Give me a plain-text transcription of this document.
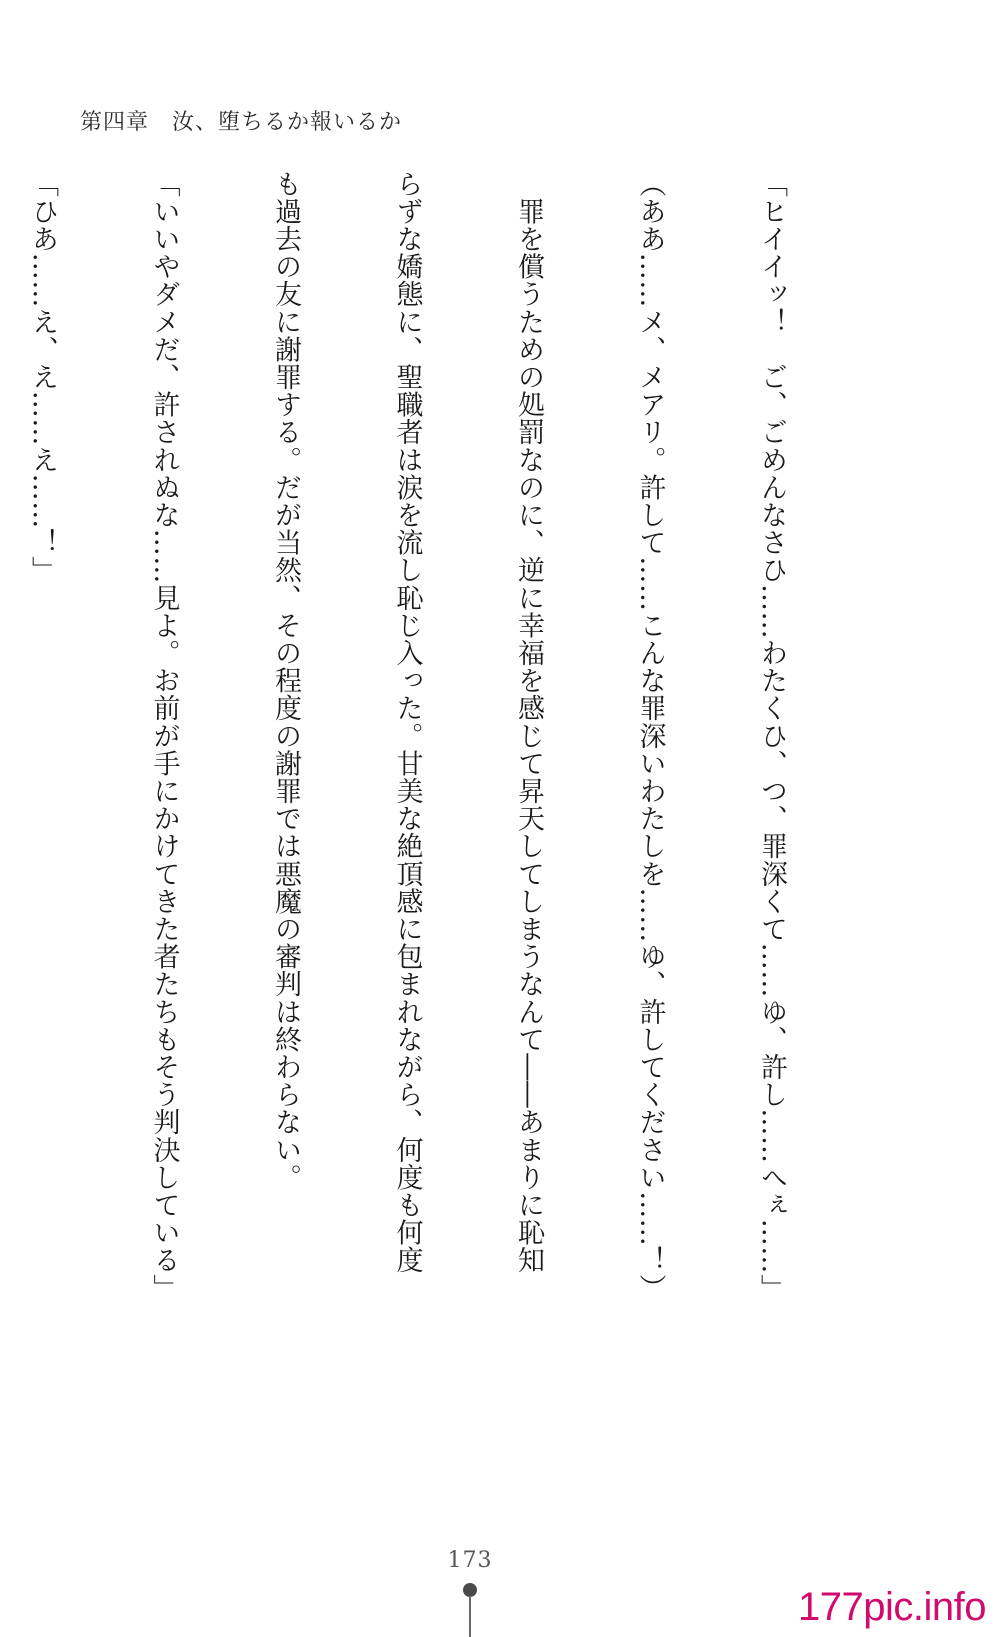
第四章　汝、堕ちるか報いるか

「ヒイイッ！　ご、ごめんなさひ……わたくひ、つ、罪深くて……ゆ、許し……へぇ……」

（ああ……メ、メアリ。許して……こんな罪深いわたしを……ゆ、許してください……！）

　罪を償うための処罰なのに、逆に幸福を感じて昇天してしまうなんて――あまりに恥知

らずな嬌態に、聖職者は涙を流し恥じ入った。甘美な絶頂感に包まれながら、何度も何度

も過去の友に謝罪する。だが当然、その程度の謝罪では悪魔の審判は終わらない。

「いいやダメだ、許されぬな……見よ。お前が手にかけてきた者たちもそう判決している」

「ひあ……え、え……え……！」

173
177pic.info
